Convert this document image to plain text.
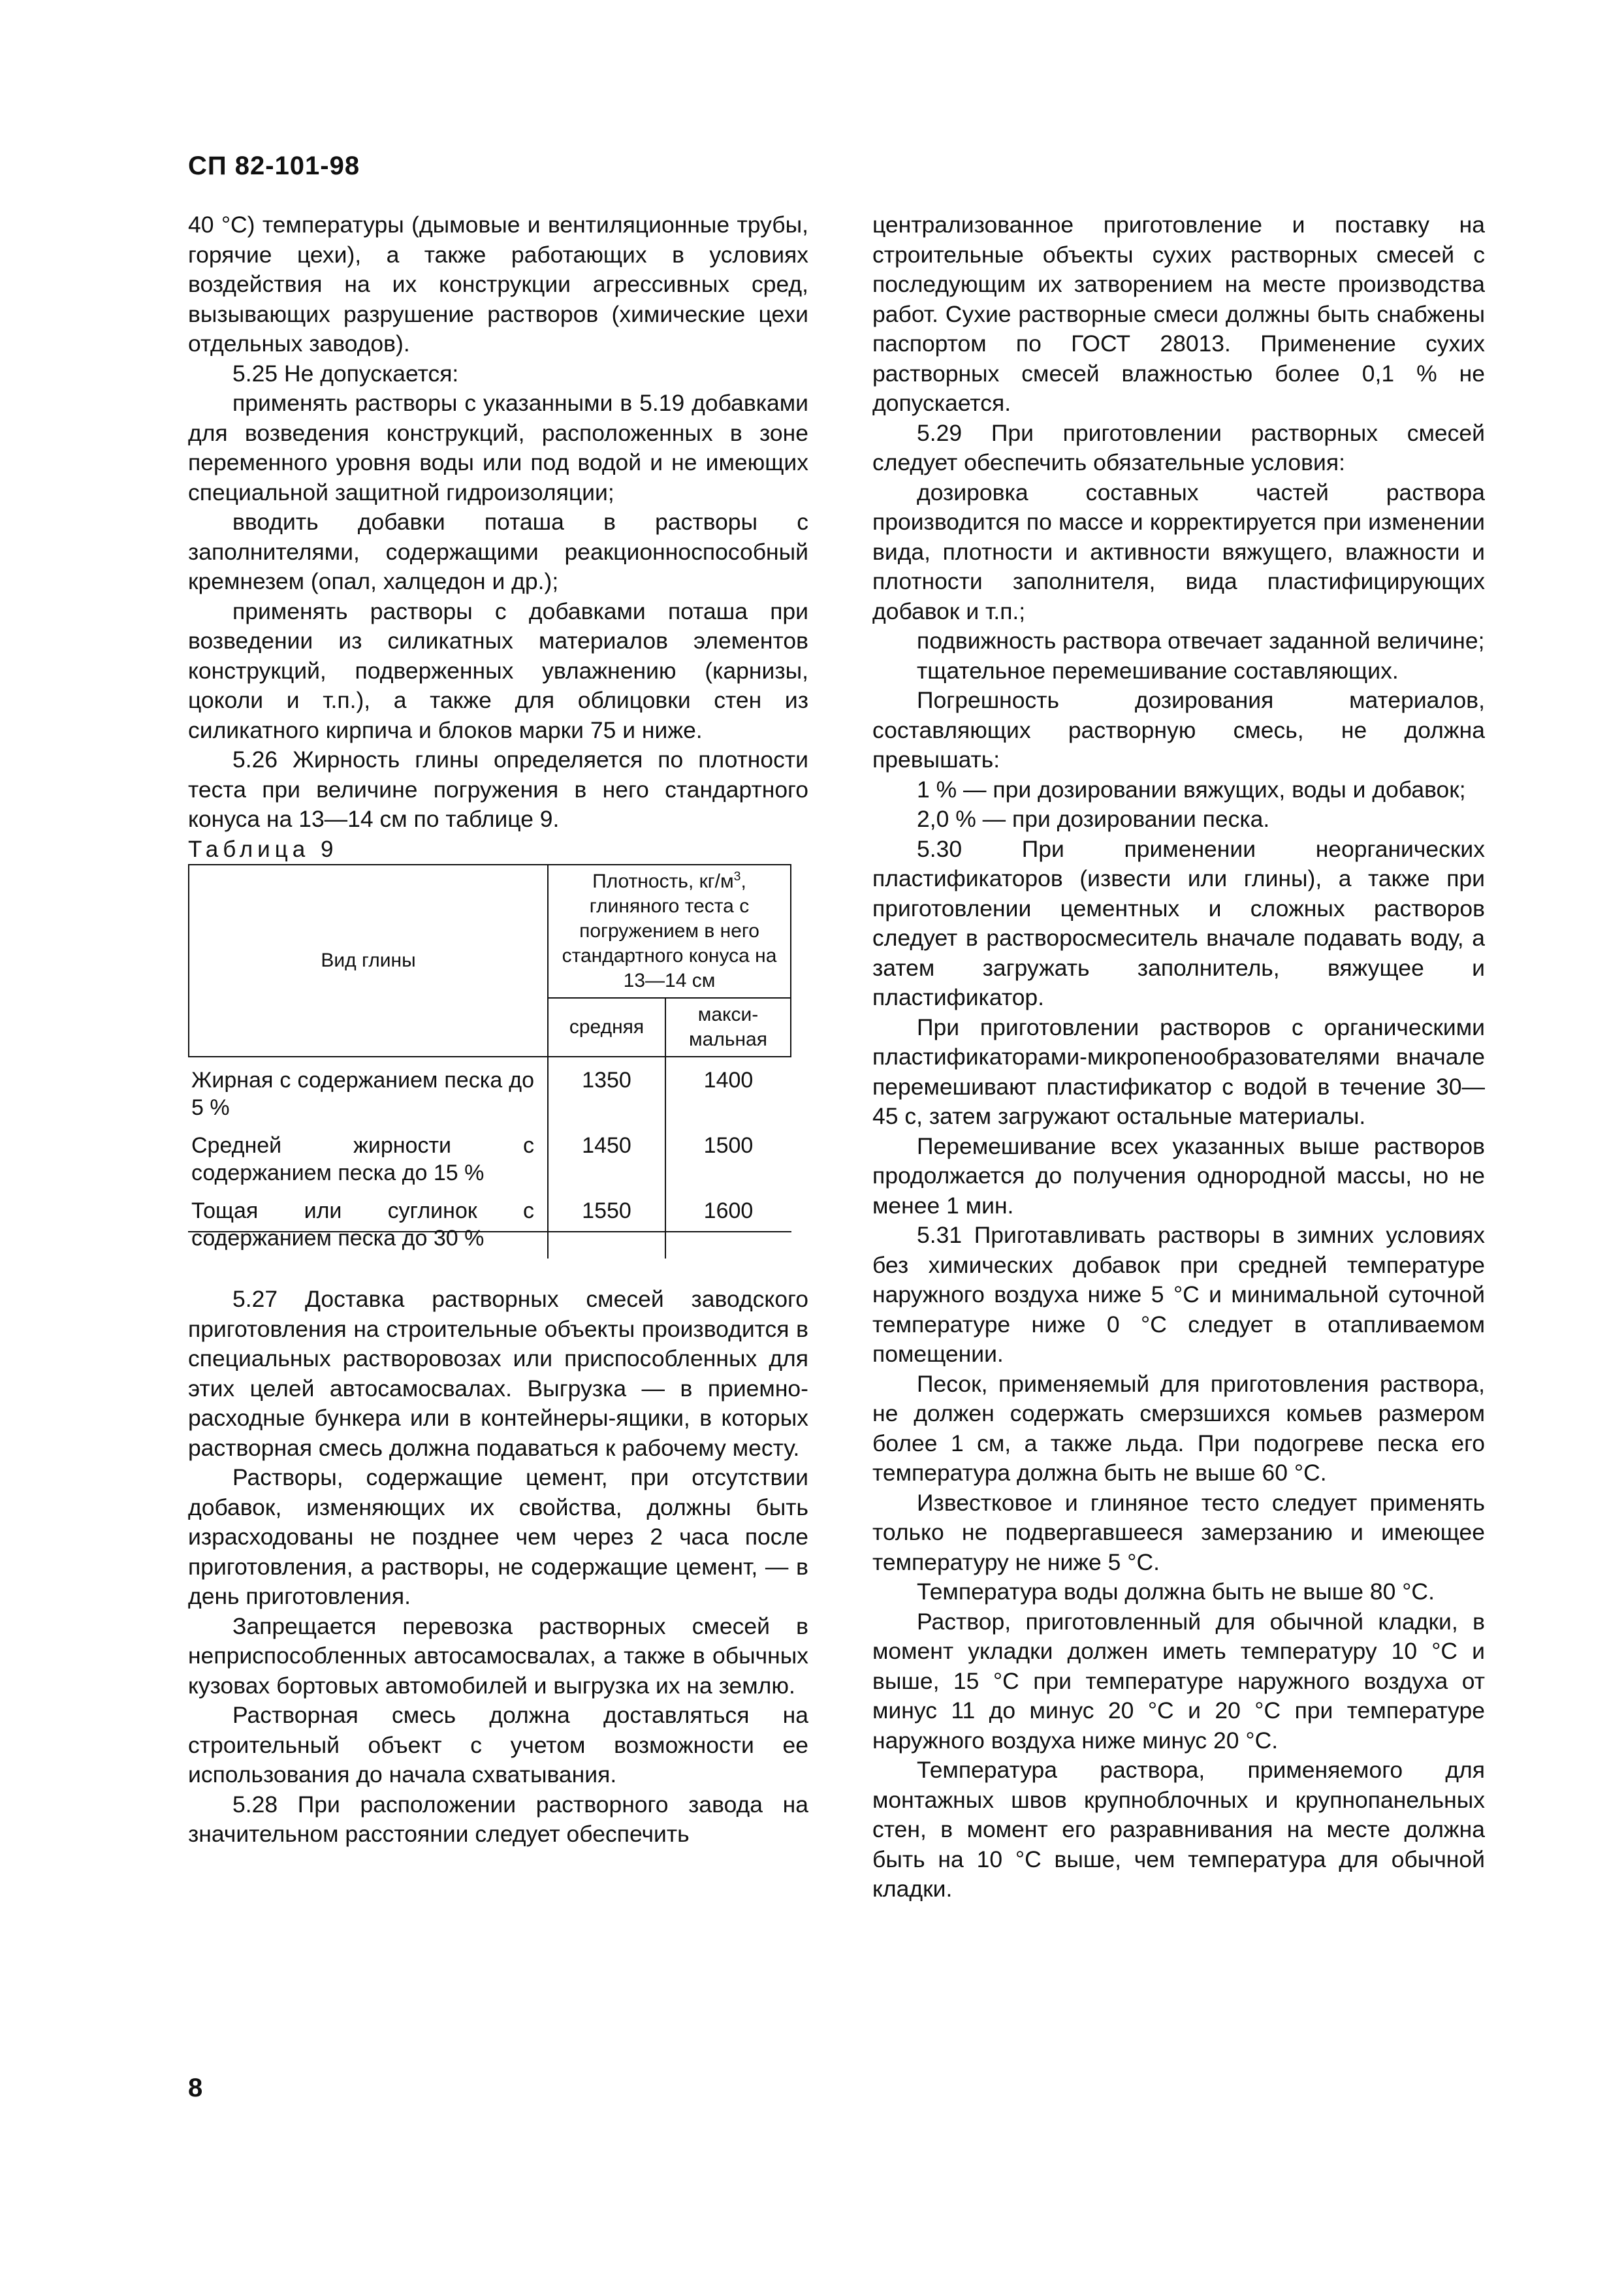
СП 82-101-98

40 °С) температуры (дымовые и вентиляционные трубы, горячие цехи), а также работающих в условиях воздействия на их конструкции агрессивных сред, вызывающих разрушение растворов (химические цехи отдельных заводов).

5.25 Не допускается:

применять растворы с указанными в 5.19 добавками для возведения конструкций, расположенных в зоне переменного уровня воды или под водой и не имеющих специальной защитной гидроизоляции;

вводить добавки поташа в растворы с заполнителями, содержащими реакционноспособный кремнезем (опал, халцедон и др.);

применять растворы с добавками поташа при возведении из силикатных материалов элементов конструкций, подверженных увлажнению (карнизы, цоколи и т.п.), а также для облицовки стен из силикатного кирпича и блоков марки 75 и ниже.

5.26 Жирность глины определяется по плотности теста при величине погружения в него стандартного конуса на 13—14 см по таблице 9.

Таблица 9

Вид глины	Плотность, $кг/м^3$, глиняного теста с погружением в него стандартного конуса на 13—14 см	
	средняя	макси-мальная
Жирная с содержанием песка до 5 %	1350	1400
Средней жирности с содержанием песка до 15 %	1450	1500
Тощая или суглинок с содержанием песка до 30 %	1550	1600

5.27 Доставка растворных смесей заводского приготовления на строительные объекты производится в специальных растворовозах или приспособленных для этих целей автосамосвалах. Выгрузка — в приемно-расходные бункера или в контейнеры-ящики, в которых растворная смесь должна подаваться к рабочему месту.

Растворы, содержащие цемент, при отсутствии добавок, изменяющих их свойства, должны быть израсходованы не позднее чем через 2 часа после приготовления, а растворы, не содержащие цемент, — в день приготовления.

Запрещается перевозка растворных смесей в неприспособленных автосамосвалах, а также в обычных кузовах бортовых автомобилей и выгрузка их на землю.

Растворная смесь должна доставляться на строительный объект с учетом возможности ее использования до начала схватывания.

5.28 При расположении растворного завода на значительном расстоянии следует обеспечить

централизованное приготовление и поставку на строительные объекты сухих растворных смесей с последующим их затворением на месте производства работ. Сухие растворные смеси должны быть снабжены паспортом по ГОСТ 28013. Применение сухих растворных смесей влажностью более 0,1 % не допускается.

5.29 При приготовлении растворных смесей следует обеспечить обязательные условия:

дозировка составных частей раствора производится по массе и корректируется при изменении вида, плотности и активности вяжущего, влажности и плотности заполнителя, вида пластифицирующих добавок и т.п.;

подвижность раствора отвечает заданной величине;

тщательное перемешивание составляющих.

Погрешность дозирования материалов, составляющих растворную смесь, не должна превышать:

1 % — при дозировании вяжущих, воды и добавок;

2,0 % — при дозировании песка.

5.30 При применении неорганических пластификаторов (извести или глины), а также при приготовлении цементных и сложных растворов следует в растворосмеситель вначале подавать воду, а затем загружать заполнитель, вяжущее и пластификатор.

При приготовлении растворов с органическими пластификаторами-микропенообразователями вначале перемешивают пластификатор с водой в течение 30—45 с, затем загружают остальные материалы.

Перемешивание всех указанных выше растворов продолжается до получения однородной массы, но не менее 1 мин.

5.31 Приготавливать растворы в зимних условиях без химических добавок при средней температуре наружного воздуха ниже 5 °С и минимальной суточной температуре ниже 0 °С следует в отапливаемом помещении.

Песок, применяемый для приготовления раствора, не должен содержать смерзшихся комьев размером более 1 см, а также льда. При подогреве песка его температура должна быть не выше 60 °С.

Известковое и глиняное тесто следует применять только не подвергавшееся замерзанию и имеющее температуру не ниже 5 °С.

Температура воды должна быть не выше 80 °С.

Раствор, приготовленный для обычной кладки, в момент укладки должен иметь температуру 10 °С и выше, 15 °С при температуре наружного воздуха от минус 11 до минус 20 °С и 20 °С при температуре наружного воздуха ниже минус 20 °С.

Температура раствора, применяемого для монтажных швов крупноблочных и крупнопанельных стен, в момент его разравнивания на месте должна быть на 10 °С выше, чем температура для обычной кладки.

8
